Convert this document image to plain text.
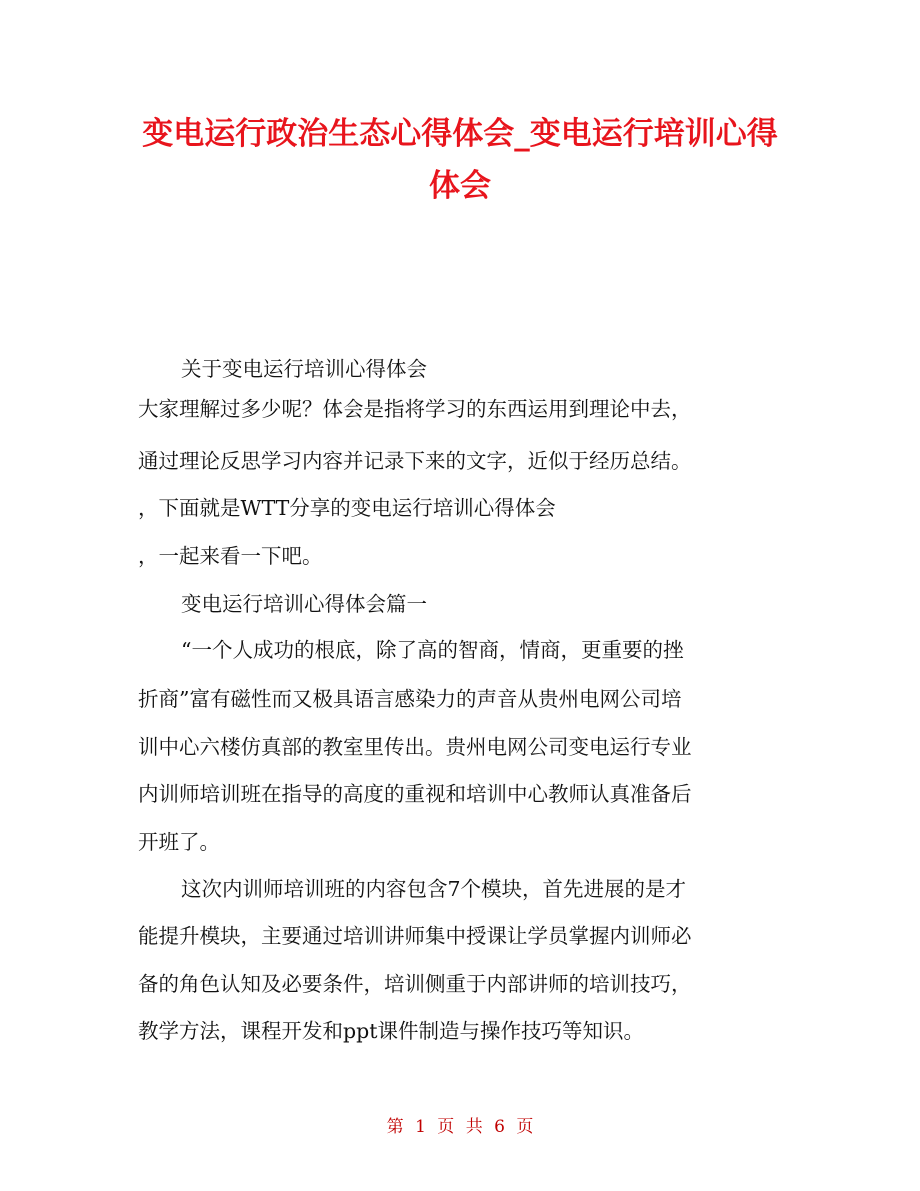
变电运行政治生态心得体会_变电运行培训心得
体会

关于变电运行培训心得体会

大家理解过多少呢？体会是指将学习的东西运用到理论中去，

通过理论反思学习内容并记录下来的文字，近似于经历总结。

，下面就是WTT分享的变电运行培训心得体会

，一起来看一下吧。

变电运行培训心得体会篇一

“一个人成功的根底，除了高的智商，情商，更重要的挫

折商”富有磁性而又极具语言感染力的声音从贵州电网公司培

训中心六楼仿真部的教室里传出。贵州电网公司变电运行专业

内训师培训班在指导的高度的重视和培训中心教师认真准备后

开班了。

这次内训师培训班的内容包含7个模块，首先进展的是才

能提升模块，主要通过培训讲师集中授课让学员掌握内训师必

备的角色认知及必要条件，培训侧重于内部讲师的培训技巧，

教学方法，课程开发和ppt课件制造与操作技巧等知识。

第 1 页 共 6 页
